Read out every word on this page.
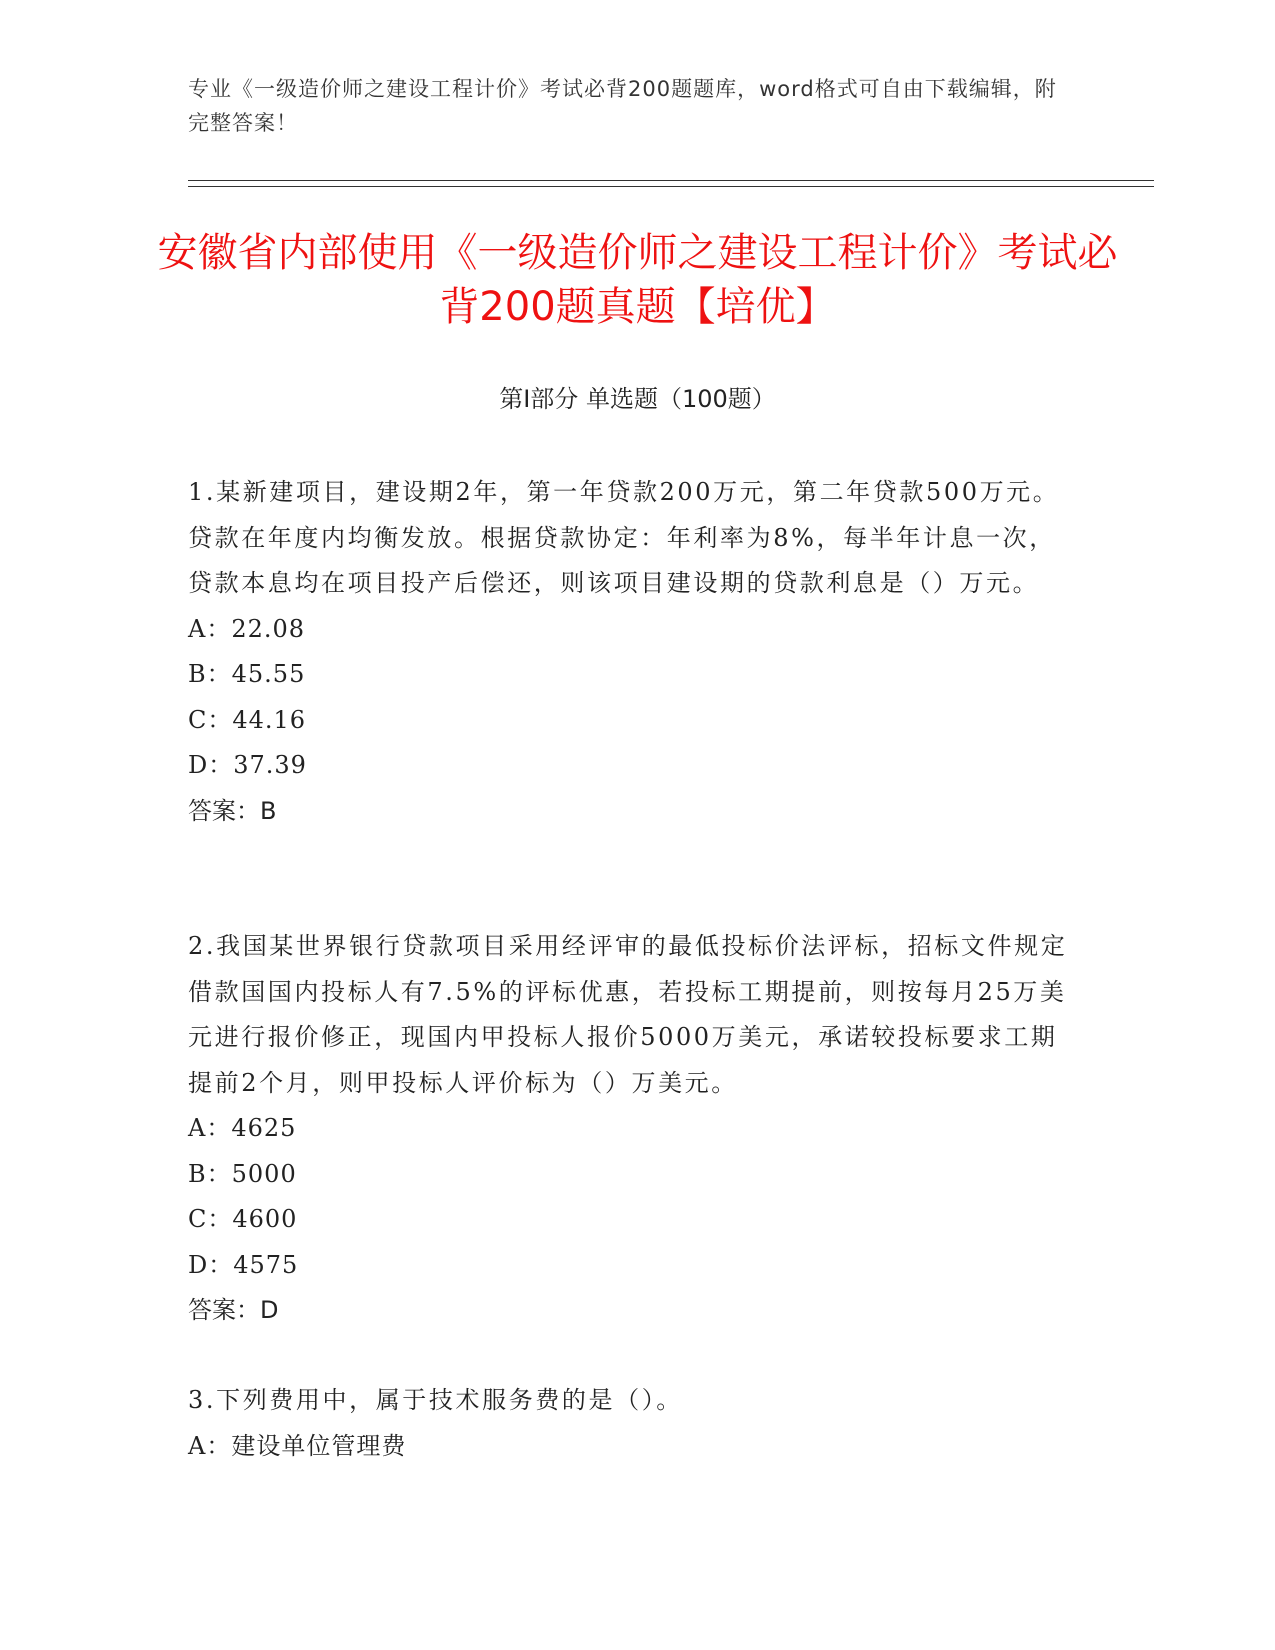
专业《一级造价师之建设工程计价》考试必背200题题库，word格式可自由下载编辑，附完整答案！
安徽省内部使用《一级造价师之建设工程计价》考试必背200题真题【培优】
第I部分 单选题（100题）

1.某新建项目，建设期2年，第一年贷款200万元，第二年贷款500万元。贷款在年度内均衡发放。根据贷款协定：年利率为8%，每半年计息一次，贷款本息均在项目投产后偿还，则该项目建设期的贷款利息是（）万元。

A：22.08

B：45.55

C：44.16

D：37.39

答案：B

2.我国某世界银行贷款项目采用经评审的最低投标价法评标，招标文件规定借款国国内投标人有7.5%的评标优惠，若投标工期提前，则按每月25万美元进行报价修正，现国内甲投标人报价5000万美元，承诺较投标要求工期提前2个月，则甲投标人评价标为（）万美元。

A：4625

B：5000

C：4600

D：4575

答案：D

3.下列费用中，属于技术服务费的是（）。

A：建设单位管理费
